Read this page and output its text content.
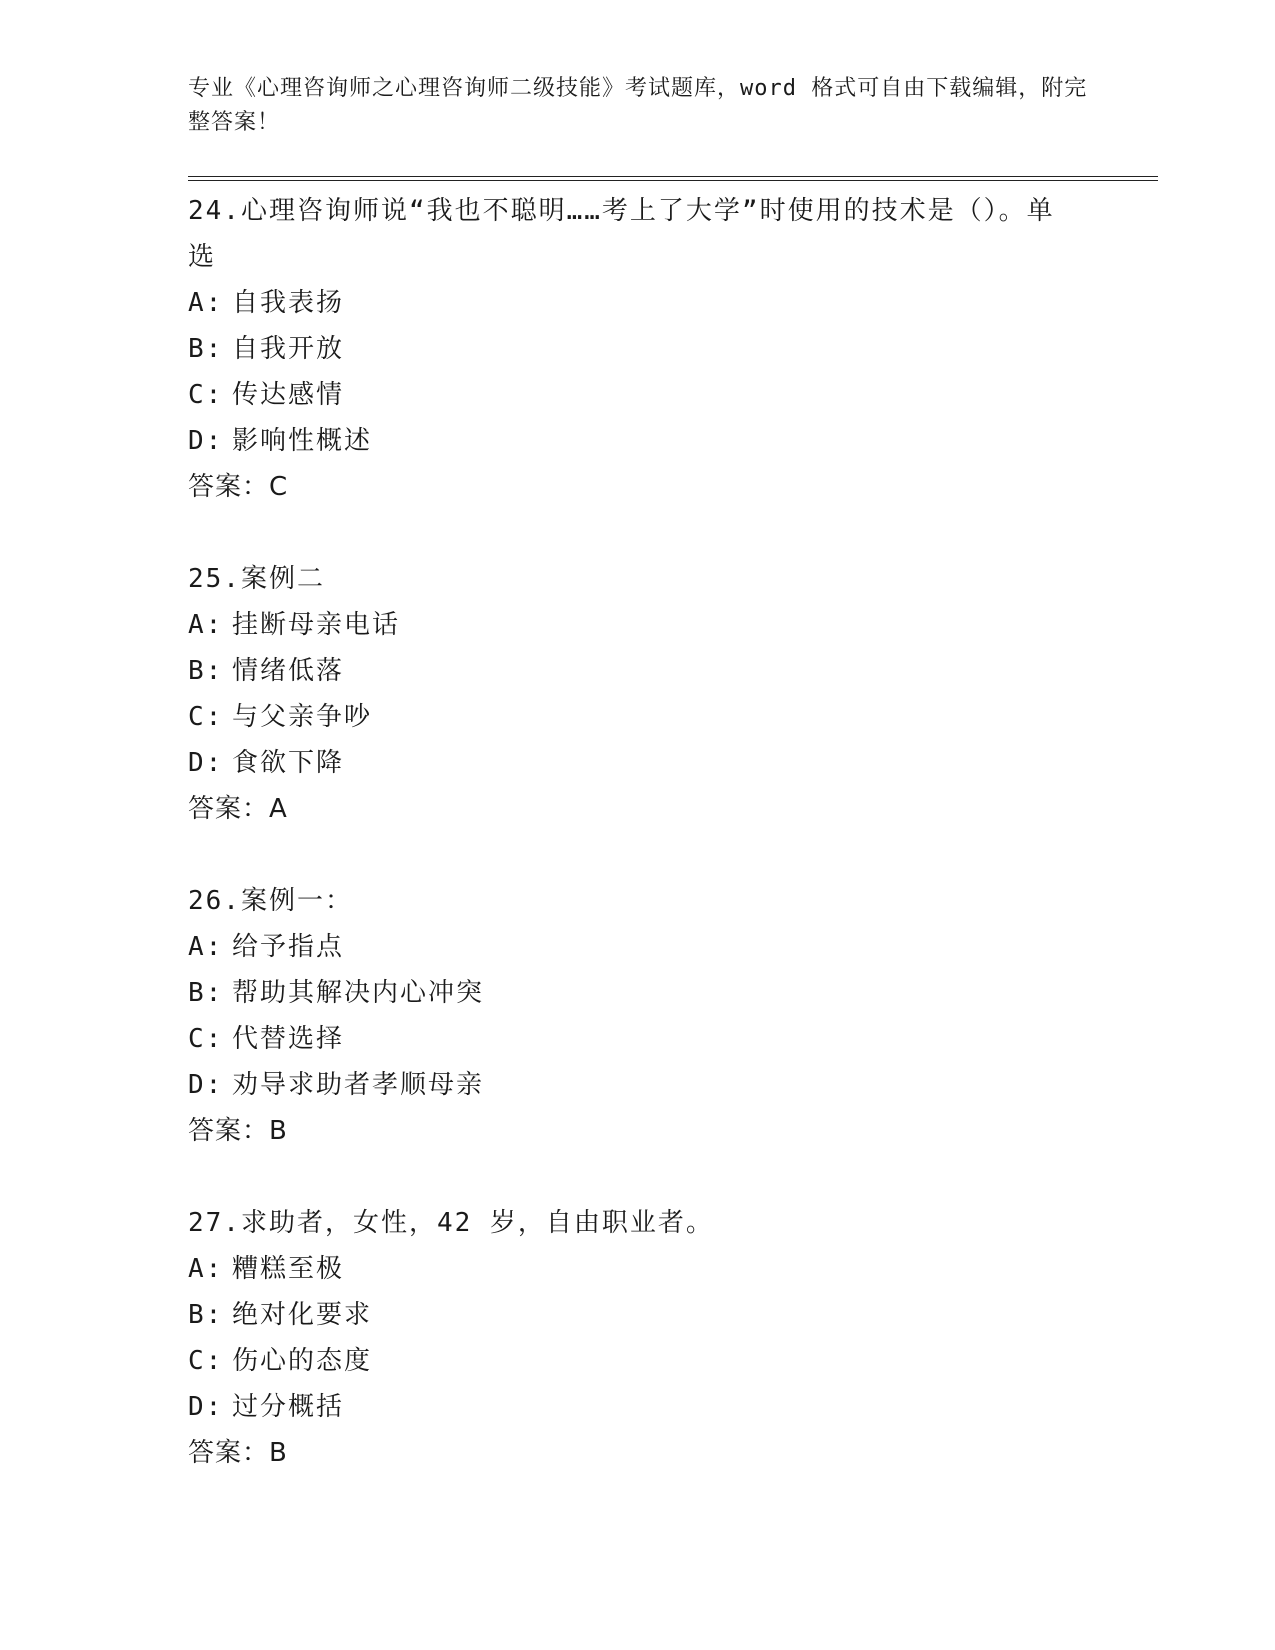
专业《心理咨询师之心理咨询师二级技能》考试题库，word 格式可自由下载编辑，附完整答案！

24.心理咨询师说“我也不聪明……考上了大学”时使用的技术是（）。单选

A: 自我表扬
B: 自我开放
C: 传达感情
D: 影响性概述
答案：C

25.案例二

A: 挂断母亲电话
B: 情绪低落
C: 与父亲争吵
D: 食欲下降
答案：A

26.案例一：

A: 给予指点
B: 帮助其解决内心冲突
C: 代替选择
D: 劝导求助者孝顺母亲
答案：B

27.求助者，女性，42 岁，自由职业者。

A: 糟糕至极
B: 绝对化要求
C: 伤心的态度
D: 过分概括
答案：B
